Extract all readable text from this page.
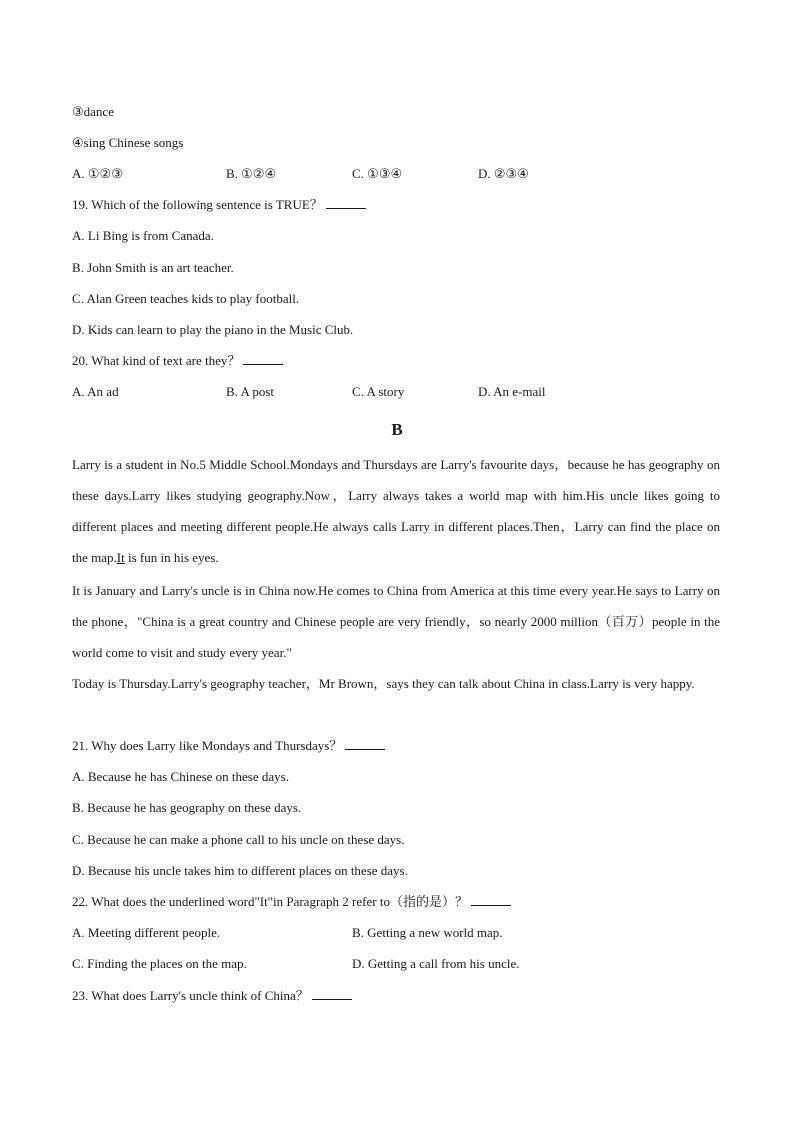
③dance
④sing Chinese songs
A. ①②③	B. ①②④	C. ①③④	D. ②③④
19. Which of the following sentence is TRUE？
A. Li Bing is from Canada.
B. John Smith is an art teacher.
C. Alan Green teaches kids to play football.
D. Kids can learn to play the piano in the Music Club.
20. What kind of text are they？
A. An ad	B. A post	C. A story	D. An e-mail
B
Larry is a student in No.5 Middle School.Mondays and Thursdays are Larry's favourite days，because he has geography on these days.Larry likes studying geography.Now，Larry always takes a world map with him.His uncle likes going to different places and meeting different people.He always calls Larry in different places.Then，Larry can find the place on the map.It is fun in his eyes.
It is January and Larry's uncle is in China now.He comes to China from America at this time every year.He says to Larry on the phone，"China is a great country and Chinese people are very friendly，so nearly 2000 million（百万）people in the world come to visit and study every year."
Today is Thursday.Larry's geography teacher，Mr Brown，says they can talk about China in class.Larry is very happy.
21. Why does Larry like Mondays and Thursdays？
A. Because he has Chinese on these days.
B. Because he has geography on these days.
C. Because he can make a phone call to his uncle on these days.
D. Because his uncle takes him to different places on these days.
22. What does the underlined word"It"in Paragraph 2 refer to（指的是）？
A. Meeting different people.	B. Getting a new world map.
C. Finding the places on the map.	D. Getting a call from his uncle.
23. What does Larry's uncle think of China？
